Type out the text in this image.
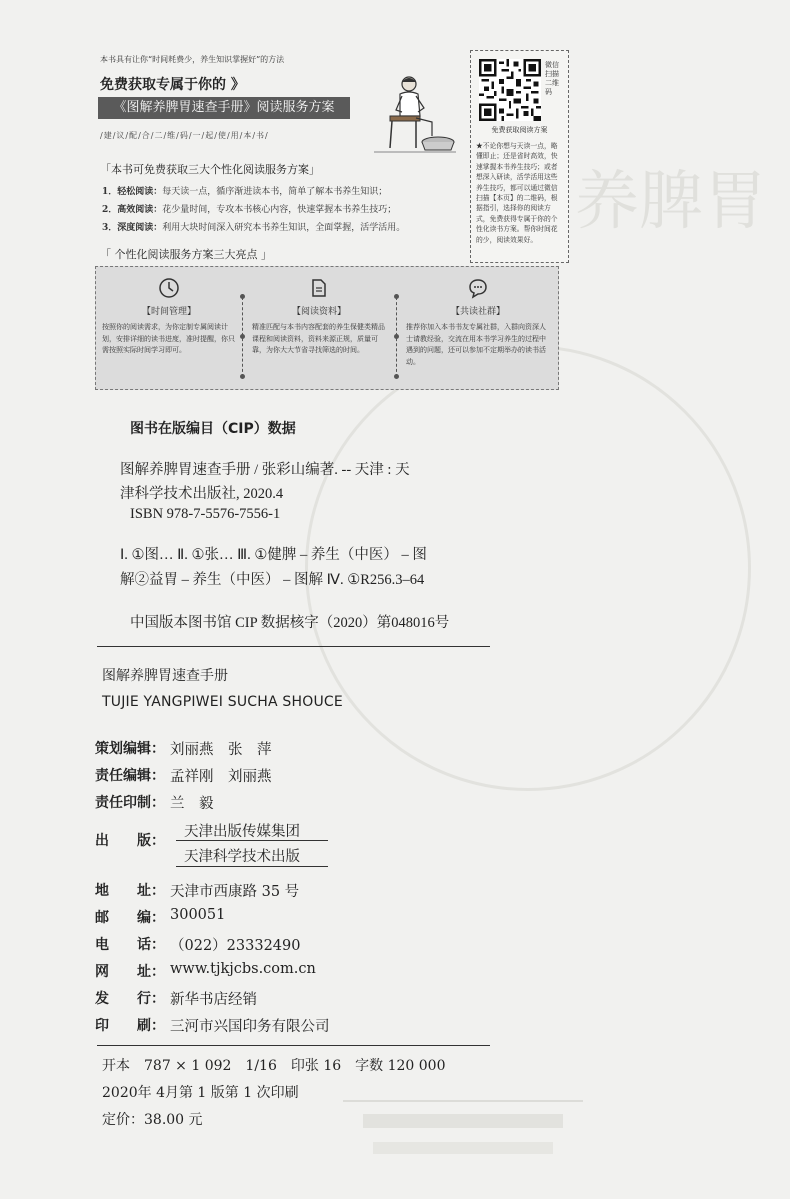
养脾胃
本书具有让你“时间耗费少，养生知识掌握好”的方法
免费获取专属于你的 》
《图解养脾胃速查手册》阅读服务方案
/建/议/配/合/二/维/码/一/起/使/用/本/书/
微信扫描二维码
免费获取阅读方案
★不论你想与天读一点，略懂即止；还是省时高效，快速掌握本书养生技巧；或者想深入研读，活学活用这些养生技巧，都可以通过微信扫描【本页】的二维码，根据指引，选择你的阅读方式，免费获得专属于你的个性化读书方案。帮你时间花的少，阅读效果好。
「本书可免费获取三大个性化阅读服务方案」
1．轻松阅读：每天读一点，循序渐进读本书，简单了解本书养生知识；
2．高效阅读：花少量时间，专攻本书核心内容，快速掌握本书养生技巧；
3．深度阅读：利用大块时间深入研究本书养生知识，全面掌握，活学活用。
「 个性化阅读服务方案三大亮点 」
【时间管理】
按照你的阅读需求，为你定制专属阅读计划，安排详细的读书进度，准时提醒，你只需按照实际时间学习即可。
【阅读资料】
精准匹配与本书内容配套的养生保健类精品课程和阅读资料，资料来源正规，质量可靠，为你大大节省寻找筛选的时间。
【共读社群】
推荐你加入本书书友专属社群，入群向资深人士请教经验，交流在用本书学习养生的过程中遇到的问题，还可以参加不定期举办的读书活动。
图书在版编目（CIP）数据
图解养脾胃速查手册 / 张彩山编著. -- 天津 : 天
津科学技术出版社, 2020.4
ISBN 978-7-5576-7556-1
Ⅰ. ①图… Ⅱ. ①张… Ⅲ. ①健脾 – 养生（中医） – 图
解②益胃 – 养生（中医） – 图解 Ⅳ. ①R256.3–64
中国版本图书馆 CIP 数据核字（2020）第048016号
图解养脾胃速查手册
TUJIE YANGPIWEI SUCHA SHOUCE
策划编辑： 刘丽燕　张　萍
责任编辑： 孟祥刚　刘丽燕
责任印制： 兰　毅
出　　版：
天津出版传媒集团
天津科学技术出版
地　　址： 天津市西康路 35 号
邮　　编： 300051
电　　话： （022）23332490
网　　址： www.tjkjcbs.com.cn
发　　行： 新华书店经销
印　　刷： 三河市兴国印务有限公司
开本　787 × 1 092　1/16　印张 16　字数 120 000
2020年 4月第 1 版第 1 次印刷
定价：38.00 元
